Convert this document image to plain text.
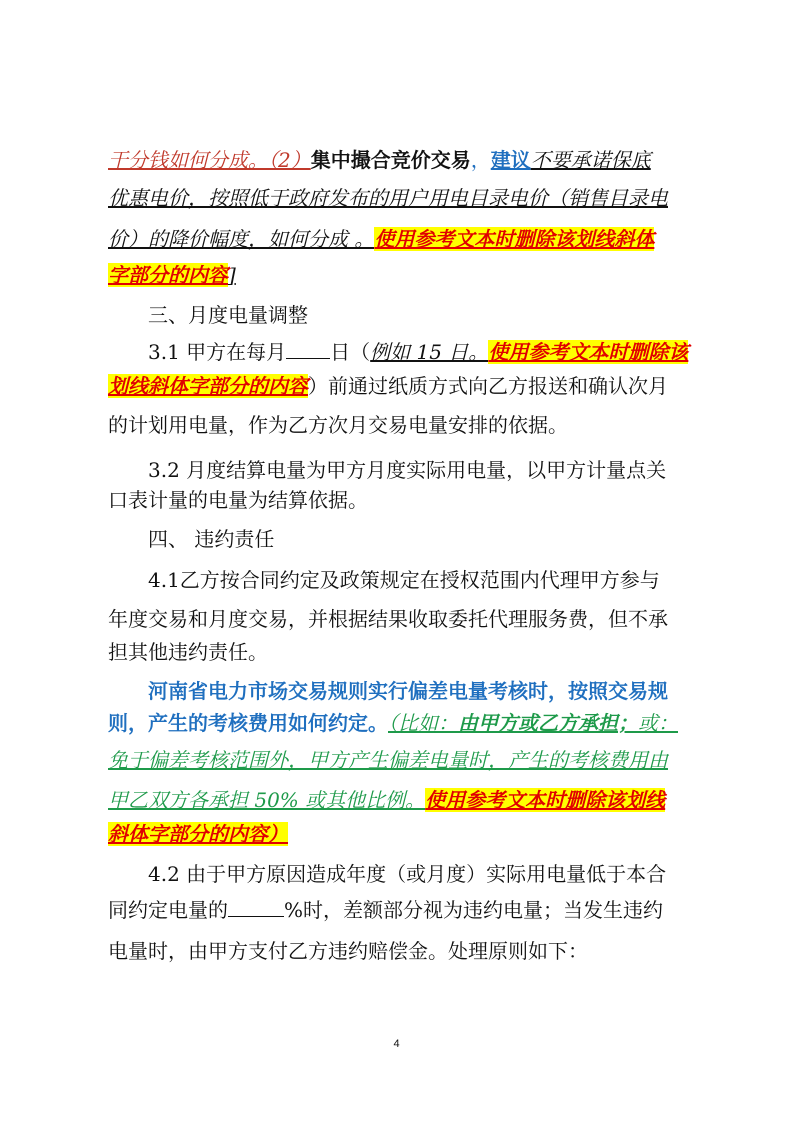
干分钱如何分成。（2）集中撮合竞价交易，建议不要承诺保底
优惠电价，按照低于政府发布的用户用电目录电价（销售目录电
价）的降价幅度，如何分成 。使用参考文本时删除该划线斜体
字部分的内容]
三、月度电量调整
3.1 甲方在每月 日（例如 15 日。使用参考文本时删除该
划线斜体字部分的内容）前通过纸质方式向乙方报送和确认次月
的计划用电量，作为乙方次月交易电量安排的依据。
3.2 月度结算电量为甲方月度实际用电量，以甲方计量点关
口表计量的电量为结算依据。
四、 违约责任
4.1乙方按合同约定及政策规定在授权范围内代理甲方参与
年度交易和月度交易，并根据结果收取委托代理服务费，但不承
担其他违约责任。
河南省电力市场交易规则实行偏差电量考核时，按照交易规
则，产生的考核费用如何约定。（比如：由甲方或乙方承担；或：
免于偏差考核范围外，甲方产生偏差电量时，产生的考核费用由
甲乙双方各承担 50% 或其他比例。使用参考文本时删除该划线
斜体字部分的内容）
4.2 由于甲方原因造成年度（或月度）实际用电量低于本合
同约定电量的	%时，差额部分视为违约电量；当发生违约
电量时，由甲方支付乙方违约赔偿金。处理原则如下：
4
